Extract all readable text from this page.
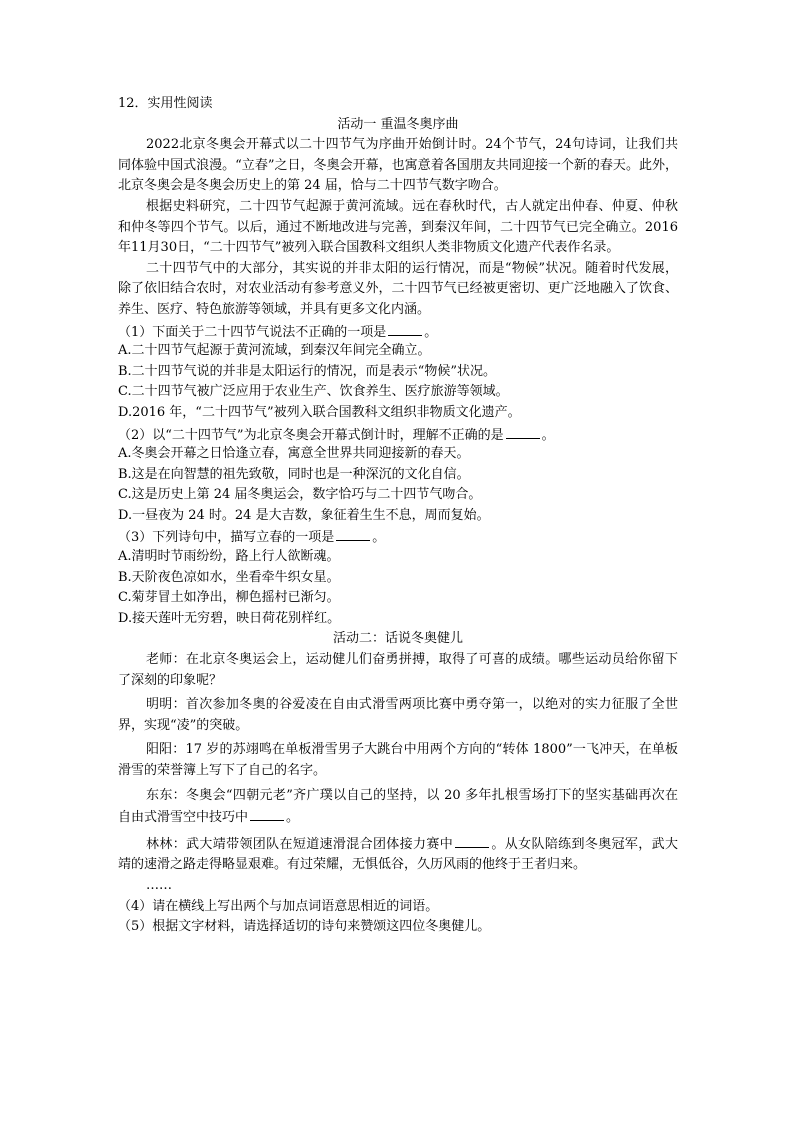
12．实用性阅读

活动一 重温冬奥序曲

2022北京冬奥会开幕式以二十四节气为序曲开始倒计时。24个节气，24句诗词，让我们共同体验中国式浪漫。“立春”之日，冬奥会开幕，也寓意着各国朋友共同迎接一个新的春天。此外，北京冬奥会是冬奥会历史上的第 24 届，恰与二十四节气数字吻合。

根据史料研究，二十四节气起源于黄河流域。远在春秋时代，古人就定出仲春、仲夏、仲秋和仲冬等四个节气。以后，通过不断地改进与完善，到秦汉年间，二十四节气已完全确立。2016年11月30日，“二十四节气”被列入联合国教科文组织人类非物质文化遗产代表作名录。

二十四节气中的大部分，其实说的并非太阳的运行情况，而是“物候”状况。随着时代发展，除了依旧结合农时，对农业活动有参考意义外，二十四节气已经被更密切、更广泛地融入了饮食、养生、医疗、特色旅游等领域，并具有更多文化内涵。

（1）下面关于二十四节气说法不正确的一项是	。

A.二十四节气起源于黄河流域，到秦汉年间完全确立。

B.二十四节气说的并非是太阳运行的情况，而是表示“物候”状况。

C.二十四节气被广泛应用于农业生产、饮食养生、医疗旅游等领域。

D.2016 年，“二十四节气”被列入联合国教科文组织非物质文化遗产。

（2）以“二十四节气”为北京冬奥会开幕式倒计时，理解不正确的是	。

A.冬奥会开幕之日恰逢立春，寓意全世界共同迎接新的春天。

B.这是在向智慧的祖先致敬，同时也是一种深沉的文化自信。

C.这是历史上第 24 届冬奥运会，数字恰巧与二十四节气吻合。

D.一昼夜为 24 时。24 是大吉数，象征着生生不息，周而复始。

（3）下列诗句中，描写立春的一项是	。

A.清明时节雨纷纷，路上行人欲断魂。

B.天阶夜色凉如水，坐看牵牛织女星。

C.菊芽冒土如净出，柳色摇村已渐匀。

D.接天莲叶无穷碧，映日荷花别样红。

活动二：话说冬奥健儿

老师：在北京冬奥运会上，运动健儿们奋勇拼搏，取得了可喜的成绩。哪些运动员给你留下了深刻的印象呢？

明明：首次参加冬奥的谷爱凌在自由式滑雪两项比赛中勇夺第一，以绝对的实力征服了全世界，实现“凌”的突破。

阳阳：17 岁的苏翊鸣在单板滑雪男子大跳台中用两个方向的“转体 1800”一飞冲天，在单板滑雪的荣誉簿上写下了自己的名字。

东东：冬奥会“四朝元老”齐广璞以自己的坚持，以 20 多年扎根雪场打下的坚实基础再次在自由式滑雪空中技巧中	。

林林：武大靖带领团队在短道速滑混合团体接力赛中	。从女队陪练到冬奥冠军，武大靖的速滑之路走得略显艰难。有过荣耀，无惧低谷，久历风雨的他终于王者归来。

……

（4）请在横线上写出两个与加点词语意思相近的词语。

（5）根据文字材料，请选择适切的诗句来赞颂这四位冬奥健儿。
